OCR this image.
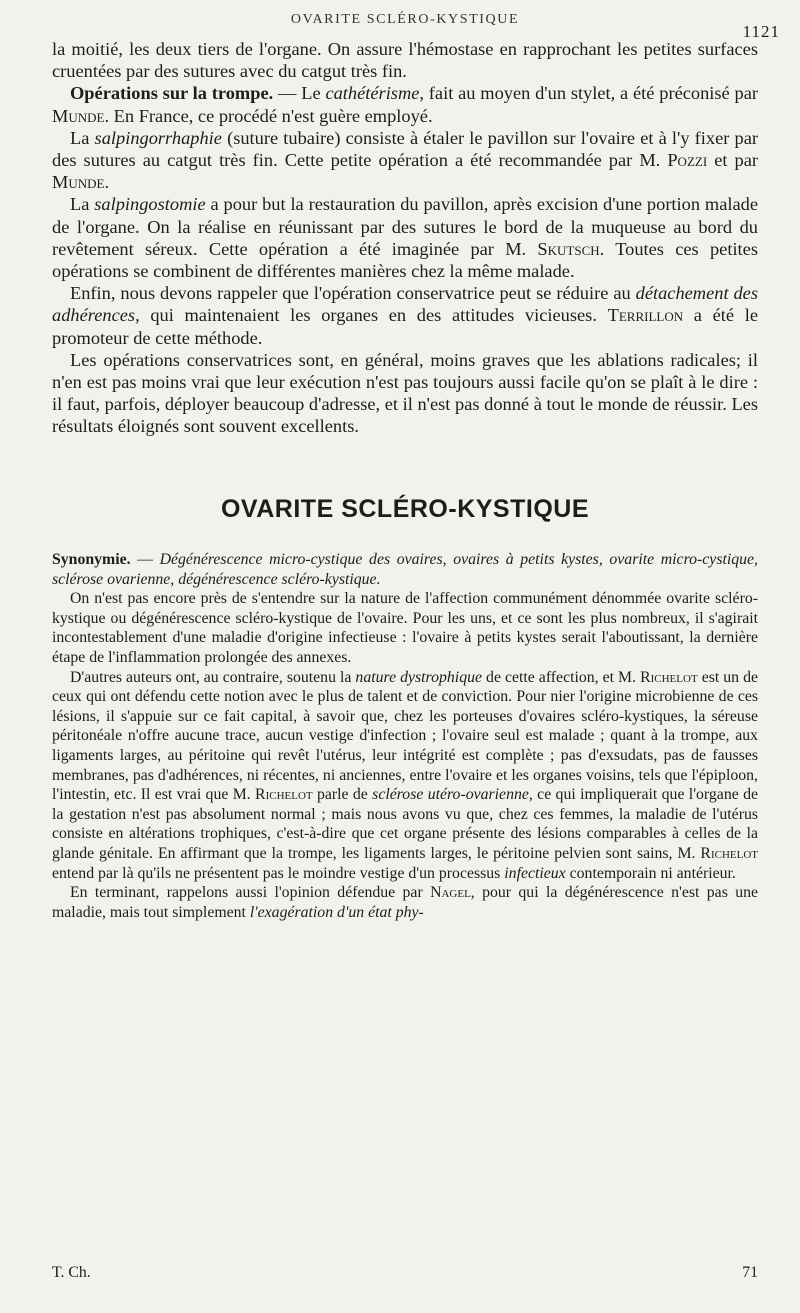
OVARITE SCLÉRO-KYSTIQUE
1121

la moitié, les deux tiers de l'organe. On assure l'hémostase en rapprochant les petites surfaces cruentées par des sutures avec du catgut très fin.

Opérations sur la trompe. — Le cathétérisme, fait au moyen d'un stylet, a été préconisé par Munde. En France, ce procédé n'est guère employé.

La salpingorrhaphie (suture tubaire) consiste à étaler le pavillon sur l'ovaire et à l'y fixer par des sutures au catgut très fin. Cette petite opération a été recommandée par M. Pozzi et par Munde.

La salpingostomie a pour but la restauration du pavillon, après excision d'une portion malade de l'organe. On la réalise en réunissant par des sutures le bord de la muqueuse au bord du revêtement séreux. Cette opération a été imaginée par M. Skutsch. Toutes ces petites opérations se combinent de différentes manières chez la même malade.

Enfin, nous devons rappeler que l'opération conservatrice peut se réduire au détachement des adhérences, qui maintenaient les organes en des attitudes vicieuses. Terrillon a été le promoteur de cette méthode.

Les opérations conservatrices sont, en général, moins graves que les ablations radicales; il n'en est pas moins vrai que leur exécution n'est pas toujours aussi facile qu'on se plaît à le dire : il faut, parfois, déployer beaucoup d'adresse, et il n'est pas donné à tout le monde de réussir. Les résultats éloignés sont souvent excellents.

OVARITE SCLÉRO-KYSTIQUE

Synonymie. — Dégénérescence micro-cystique des ovaires, ovaires à petits kystes, ovarite micro-cystique, sclérose ovarienne, dégénérescence scléro-kystique.

On n'est pas encore près de s'entendre sur la nature de l'affection communément dénommée ovarite scléro-kystique ou dégénérescence scléro-kystique de l'ovaire. Pour les uns, et ce sont les plus nombreux, il s'agirait incontestablement d'une maladie d'origine infectieuse : l'ovaire à petits kystes serait l'aboutissant, la dernière étape de l'inflammation prolongée des annexes.

D'autres auteurs ont, au contraire, soutenu la nature dystrophique de cette affection, et M. Richelot est un de ceux qui ont défendu cette notion avec le plus de talent et de conviction. Pour nier l'origine microbienne de ces lésions, il s'appuie sur ce fait capital, à savoir que, chez les porteuses d'ovaires scléro-kystiques, la séreuse péritonéale n'offre aucune trace, aucun vestige d'infection ; l'ovaire seul est malade ; quant à la trompe, aux ligaments larges, au péritoine qui revêt l'utérus, leur intégrité est complète ; pas d'exsudats, pas de fausses membranes, pas d'adhérences, ni récentes, ni anciennes, entre l'ovaire et les organes voisins, tels que l'épiploon, l'intestin, etc. Il est vrai que M. Richelot parle de sclérose utéro-ovarienne, ce qui impliquerait que l'organe de la gestation n'est pas absolument normal ; mais nous avons vu que, chez ces femmes, la maladie de l'utérus consiste en altérations trophiques, c'est-à-dire que cet organe présente des lésions comparables à celles de la glande génitale. En affirmant que la trompe, les ligaments larges, le péritoine pelvien sont sains, M. Richelot entend par là qu'ils ne présentent pas le moindre vestige d'un processus infectieux contemporain ni antérieur.

En terminant, rappelons aussi l'opinion défendue par Nagel, pour qui la dégénérescence n'est pas une maladie, mais tout simplement l'exagération d'un état phy-

T. Ch.	71
